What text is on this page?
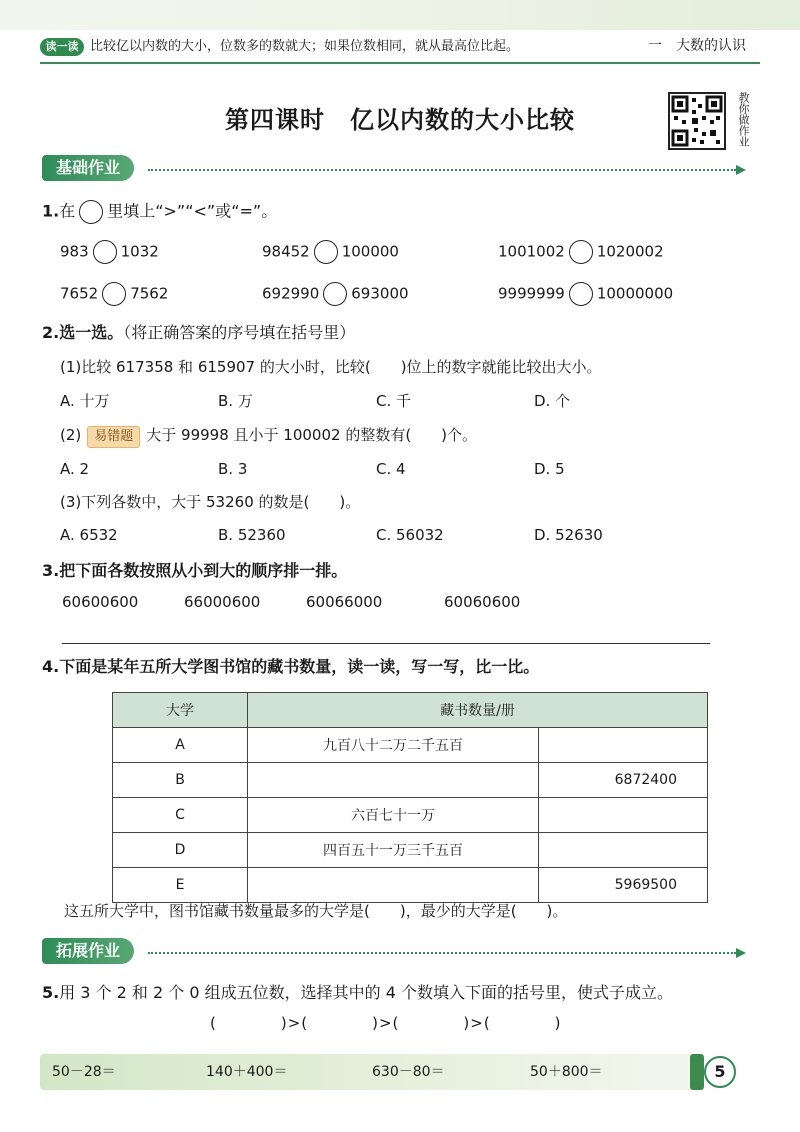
读一读 比较亿以内数的大小，位数多的数就大；如果位数相同，就从最高位比起。	一　大数的认识
第四课时　亿以内数的大小比较	教你做作业
基础作业
1.在 里填上“>”“<”或“=”。
983 1032	98452 100000	1001002 1020002
7652 7562	692990 693000	9999999 10000000
2.选一选。（将正确答案的序号填在括号里）
(1)比较 617358 和 615907 的大小时，比较(　　)位上的数字就能比较出大小。
A. 十万	B. 万	C. 千	D. 个
(2) 易错题 大于 99998 且小于 100002 的整数有(　　)个。
A. 2	B. 3	C. 4	D. 5
(3)下列各数中，大于 53260 的数是(　　)。
A. 6532	B. 52360	C. 56032	D. 52630
3.把下面各数按照从小到大的顺序排一排。
60600600	66000600	60066000	60060600
4.下面是某年五所大学图书馆的藏书数量，读一读，写一写，比一比。
大学	藏书数量/册	
A	九百八十二万二千五百	
B		6872400
C	六百七十一万	
D	四百五十一万三千五百	
E		5969500
这五所大学中，图书馆藏书数量最多的大学是(　　)，最少的大学是(　　)。
拓展作业
5.用 3 个 2 和 2 个 0 组成五位数，选择其中的 4 个数填入下面的括号里，使式子成立。
(　　　　)>(　　　　)>(　　　　)>(　　　　)
50－28＝	140＋400＝	630－80＝	50＋800＝	5
